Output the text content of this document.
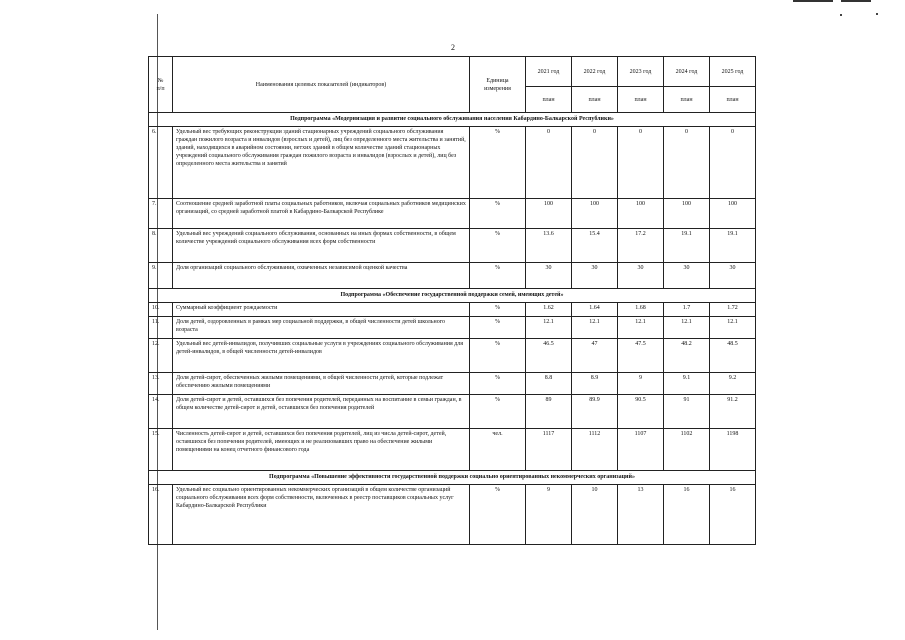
2
№
п/п	Наименования целевых показателей (индикаторов)	Единица измерения	2021 год	2022 год	2023 год	2024 год	2025 год
			план	план	план	план	план
Подпрограмма «Модернизация и развитие социального обслуживания населения Кабардино-Балкарской Республики»							
6.	Удельный вес требующих реконструкции зданий стационарных учреждений социального обслуживания граждан пожилого возраста и инвалидов (взрослых и детей), лиц без определенного места жительства и занятий, зданий, находящихся в аварийном состоянии, ветхих зданий в общем количестве зданий стационарных учреждений социального обслуживания граждан пожилого возраста и инвалидов (взрослых и детей), лиц без определенного места жительства и занятий	%	0	0	0	0	0
7.	Соотношение средней заработной платы социальных работников, включая социальных работников медицинских организаций, со средней заработной платой в Кабардино-Балкарской Республике	%	100	100	100	100	100
8.	Удельный вес учреждений социального обслуживания, основанных на иных формах собственности, в общем количестве учреждений социального обслуживания всех форм собственности	%	13.6	15.4	17.2	19.1	19.1
9.	Доля организаций социального обслуживания, охваченных независимой оценкой качества	%	30	30	30	30	30
Подпрограмма «Обеспечение государственной поддержки семей, имеющих детей»							
10.	Суммарный коэффициент рождаемости	%	1.62	1.64	1.68	1.7	1.72
11.	Доля детей, оздоровленных в рамках мер социальной поддержки, в общей численности детей школьного возраста	%	12.1	12.1	12.1	12.1	12.1
12.	Удельный вес детей-инвалидов, получивших социальные услуги в учреждениях социального обслуживания для детей-инвалидов, в общей численности детей-инвалидов	%	46.5	47	47.5	48.2	48.5
13.	Доля детей-сирот, обеспеченных жилыми помещениями, в общей численности детей, которые подлежат обеспечению жилыми помещениями	%	8.8	8.9	9	9.1	9.2
14.	Доля детей-сирот и детей, оставшихся без попечения родителей, переданных на воспитание в семьи граждан, в общем количестве детей-сирот и детей, оставшихся без попечения родителей	%	89	89.9	90.5	91	91.2
15.	Численность детей-сирот и детей, оставшихся без попечения родителей, лиц из числа детей-сирот, детей, оставшихся без попечения родителей, имеющих и не реализовавших право на обеспечение жилыми помещениями на конец отчетного финансового года	чел.	1117	1112	1107	1102	1198
Подпрограмма «Повышение эффективности государственной поддержки социально ориентированных некоммерческих организаций»							
16.	Удельный вес социально ориентированных некоммерческих организаций в общем количестве организаций социального обслуживания всех форм собственности, включенных в реестр поставщиков социальных услуг Кабардино-Балкарской Республики	%	9	10	13	16	16
